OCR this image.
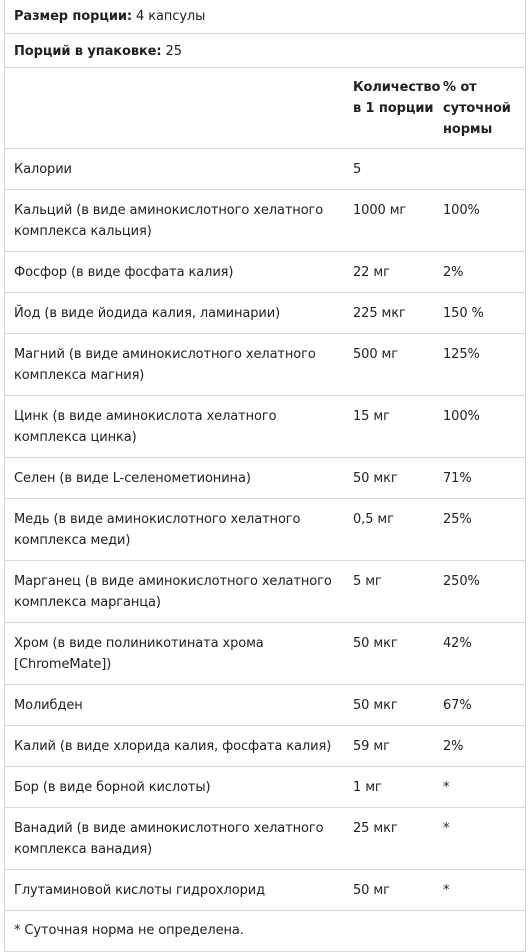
Размер порции: 4 капсулы
Порций в упаковке: 25
	Количество в 1 порции	% от суточной нормы
Калории	5	
Кальций (в виде аминокислотного хелатного комплекса кальция)	1000 мг	100%
Фосфор (в виде фосфата калия)	22 мг	2%
Йод (в виде йодида калия, ламинарии)	225 мкг	150 %
Магний (в виде аминокислотного хелатного комплекса магния)	500 мг	125%
Цинк (в виде аминокислота хелатного комплекса цинка)	15 мг	100%
Селен (в виде L-селенометионина)	50 мкг	71%
Медь (в виде аминокислотного хелатного комплекса меди)	0,5 мг	25%
Марганец (в виде аминокислотного хелатного комплекса марганца)	5 мг	250%
Хром (в виде полиникотината хрома [ChromeMate])	50 мкг	42%
Молибден	50 мкг	67%
Калий (в виде хлорида калия, фосфата калия)	59 мг	2%
Бор (в виде борной кислоты)	1 мг	*
Ванадий (в виде аминокислотного хелатного комплекса ванадия)	25 мкг	*
Глутаминовой кислоты гидрохлорид	50 мг	*
* Суточная норма не определена.
